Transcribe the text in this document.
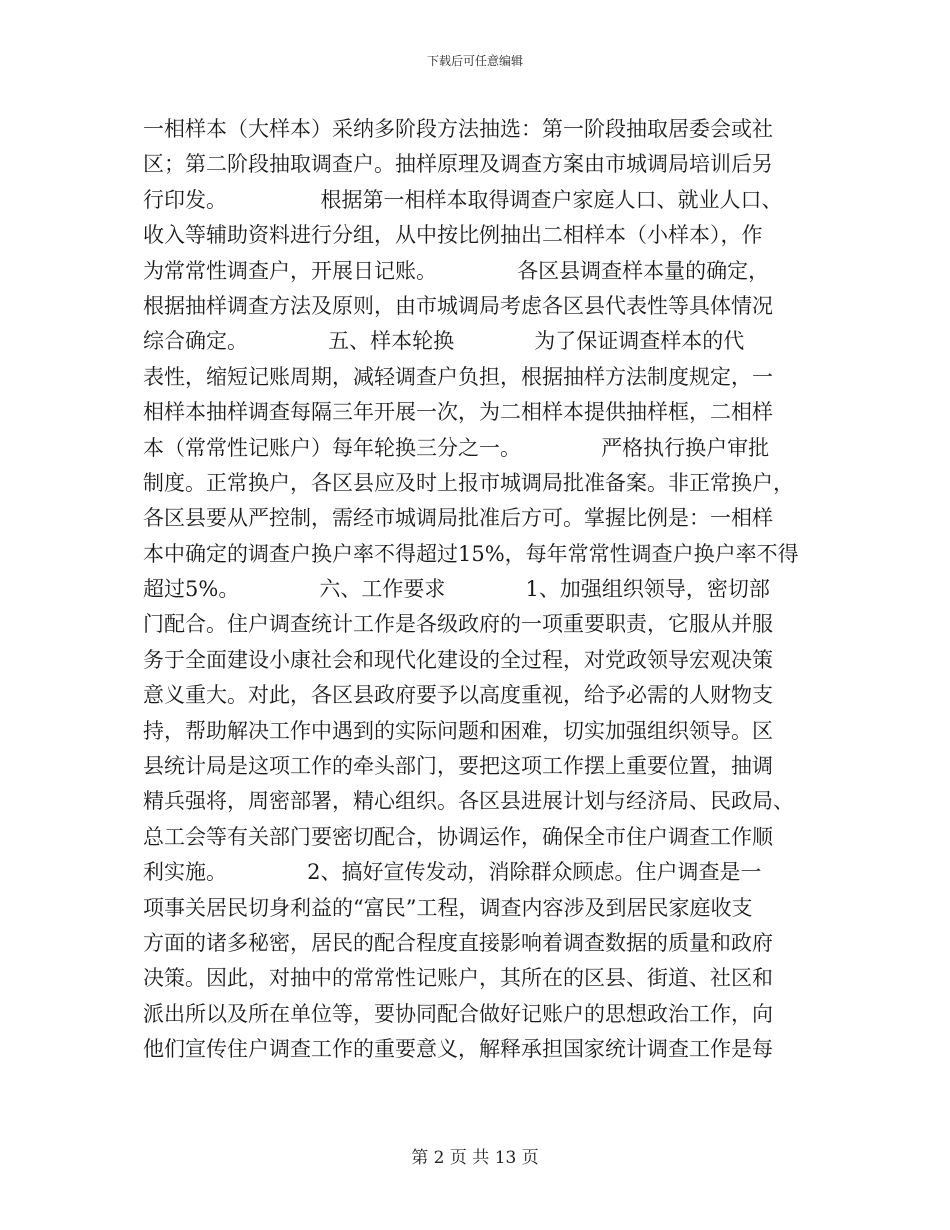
下载后可任意编辑
一相样本（大样本）采纳多阶段方法抽选：第一阶段抽取居委会或社
区；第二阶段抽取调查户。抽样原理及调查方案由市城调局培训后另
行印发。              根据第一相样本取得调查户家庭人口、就业人口、
收入等辅助资料进行分组，从中按比例抽出二相样本（小样本），作
为常常性调查户，开展日记账。            各区县调查样本量的确定，
根据抽样调查方法及原则，由市城调局考虑各区县代表性等具体情况
综合确定。            五、样本轮换            为了保证调查样本的代
表性，缩短记账周期，减轻调查户负担，根据抽样方法制度规定，一
相样本抽样调查每隔三年开展一次，为二相样本提供抽样框，二相样
本（常常性记账户）每年轮换三分之一。            严格执行换户审批
制度。正常换户，各区县应及时上报市城调局批准备案。非正常换户，
各区县要从严控制，需经市城调局批准后方可。掌握比例是：一相样
本中确定的调查户换户率不得超过15%，每年常常性调查户换户率不得
超过5%。            六、工作要求            1、加强组织领导，密切部
门配合。住户调查统计工作是各级政府的一项重要职责，它服从并服
务于全面建设小康社会和现代化建设的全过程，对党政领导宏观决策
意义重大。对此，各区县政府要予以高度重视，给予必需的人财物支
持，帮助解决工作中遇到的实际问题和困难，切实加强组织领导。区
县统计局是这项工作的牵头部门，要把这项工作摆上重要位置，抽调
精兵强将，周密部署，精心组织。各区县进展计划与经济局、民政局、
总工会等有关部门要密切配合，协调运作，确保全市住户调查工作顺
利实施。            2、搞好宣传发动，消除群众顾虑。住户调查是一
项事关居民切身利益的“富民”工程，调查内容涉及到居民家庭收支
方面的诸多秘密，居民的配合程度直接影响着调查数据的质量和政府
决策。因此，对抽中的常常性记账户，其所在的区县、街道、社区和
派出所以及所在单位等，要协同配合做好记账户的思想政治工作，向
他们宣传住户调查工作的重要意义，解释承担国家统计调查工作是每
第 2 页 共 13 页
